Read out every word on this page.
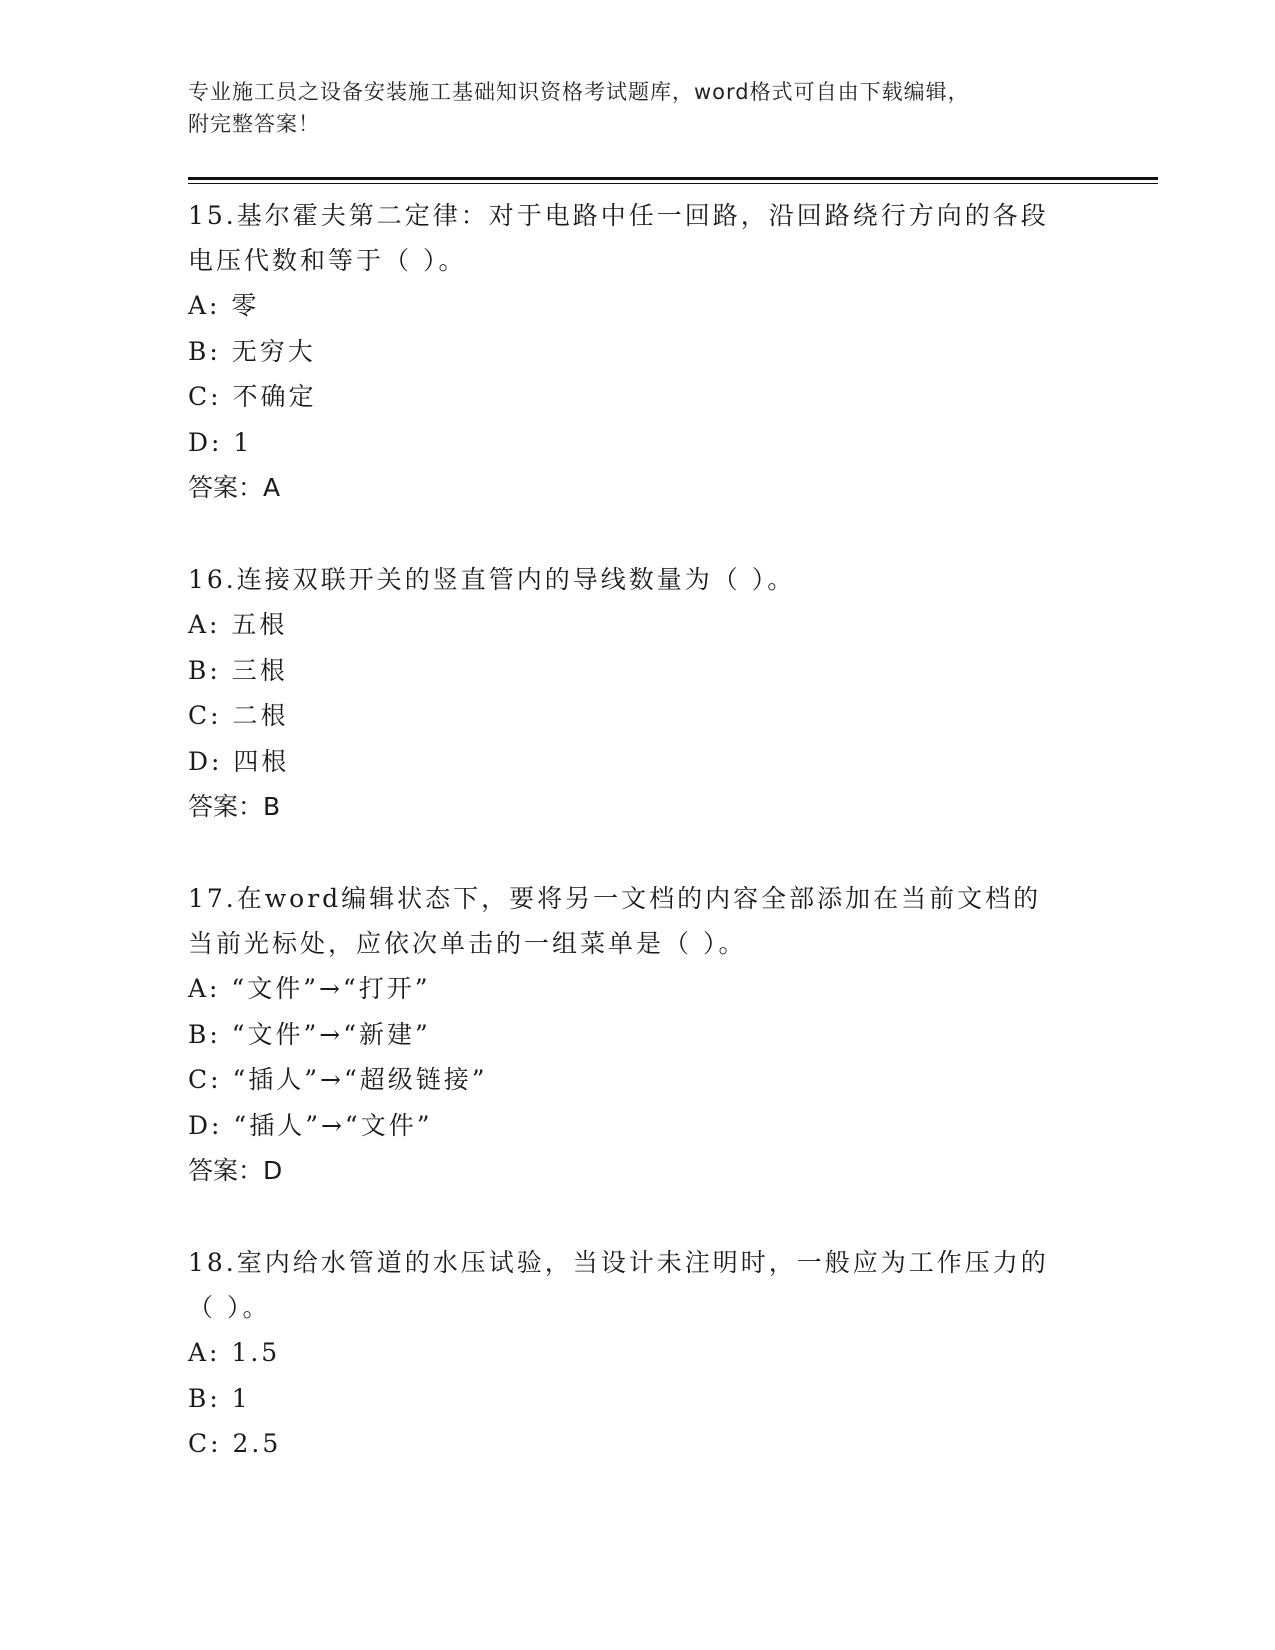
专业施工员之设备安装施工基础知识资格考试题库，word格式可自由下载编辑，
附完整答案！

15.基尔霍夫第二定律：对于电路中任一回路，沿回路绕行方向的各段电压代数和等于（ ）。

A: 零

B: 无穷大

C: 不确定

D: 1

答案：A

16.连接双联开关的竖直管内的导线数量为（ ）。

A: 五根

B: 三根

C: 二根

D: 四根

答案：B

17.在word编辑状态下，要将另一文档的内容全部添加在当前文档的当前光标处，应依次单击的一组菜单是（ ）。

A: “文件”→“打开”

B: “文件”→“新建”

C: “插人”→“超级链接”

D: “插人”→“文件”

答案：D

18.室内给水管道的水压试验，当设计未注明时，一般应为工作压力的（ ）。

A: 1.5

B: 1

C: 2.5
